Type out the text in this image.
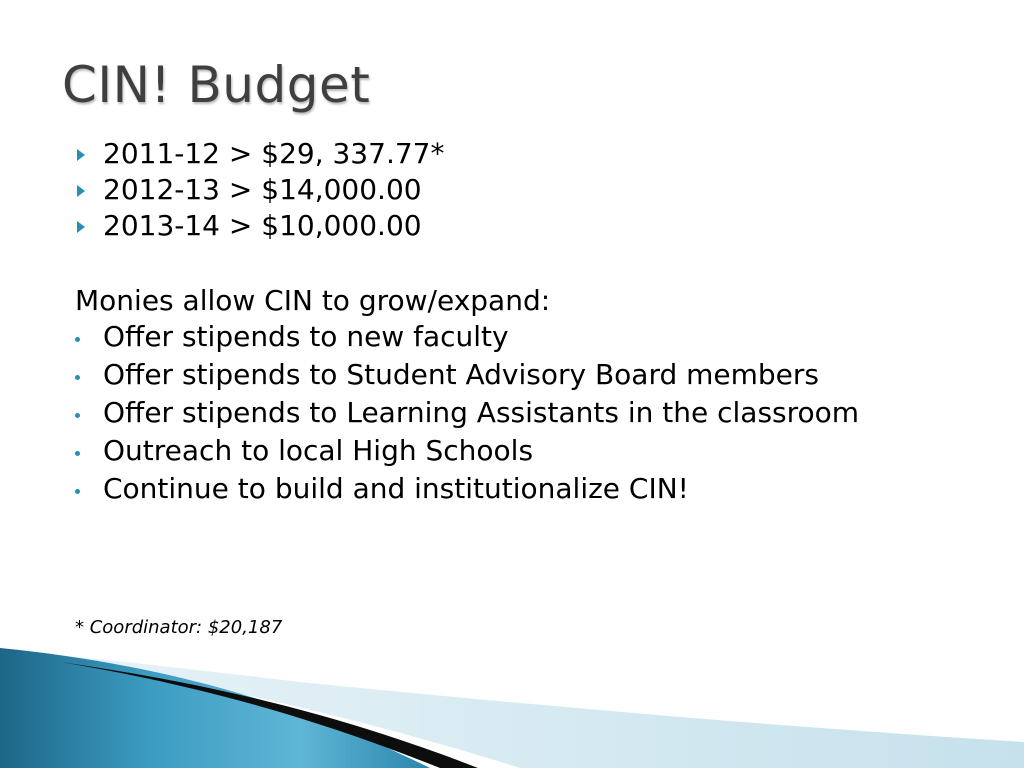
CIN! Budget
2011-12 > $29, 337.77*
2012-13 > $14,000.00
2013-14 > $10,000.00

Monies allow CIN to grow/expand:

Offer stipends to new faculty
Offer stipends to Student Advisory Board members
Offer stipends to Learning Assistants in the classroom
Outreach to local High Schools
Continue to build and institutionalize CIN!

* Coordinator: $20,187
